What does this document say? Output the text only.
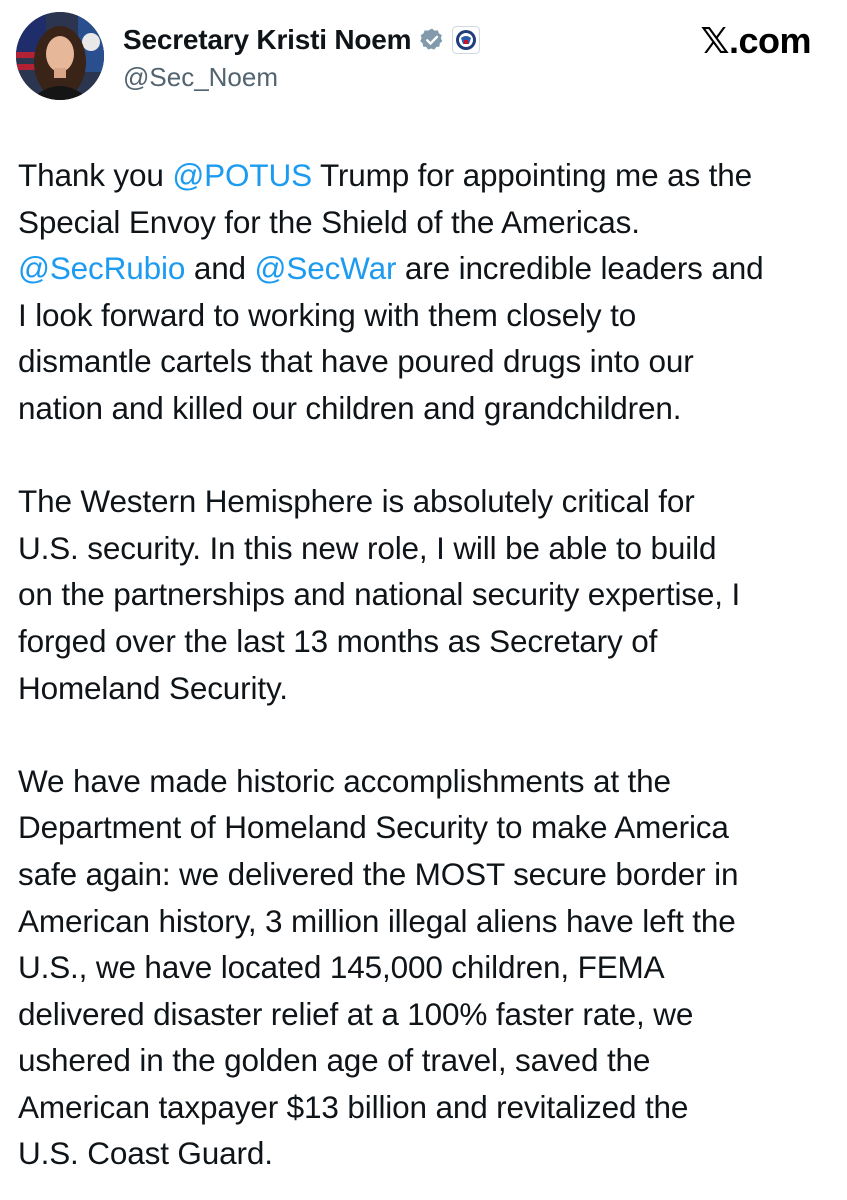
Secretary Kristi Noem
@Sec_Noem
𝕏.com
Thank you @POTUS Trump for appointing me as the
Special Envoy for the Shield of the Americas.
@SecRubio and @SecWar are incredible leaders and
I look forward to working with them closely to
dismantle cartels that have poured drugs into our
nation and killed our children and grandchildren.
The Western Hemisphere is absolutely critical for
U.S. security. In this new role, I will be able to build
on the partnerships and national security expertise, I
forged over the last 13 months as Secretary of
Homeland Security.
We have made historic accomplishments at the
Department of Homeland Security to make America
safe again: we delivered the MOST secure border in
American history, 3 million illegal aliens have left the
U.S., we have located 145,000 children, FEMA
delivered disaster relief at a 100% faster rate, we
ushered in the golden age of travel, saved the
American taxpayer $13 billion and revitalized the
U.S. Coast Guard.
